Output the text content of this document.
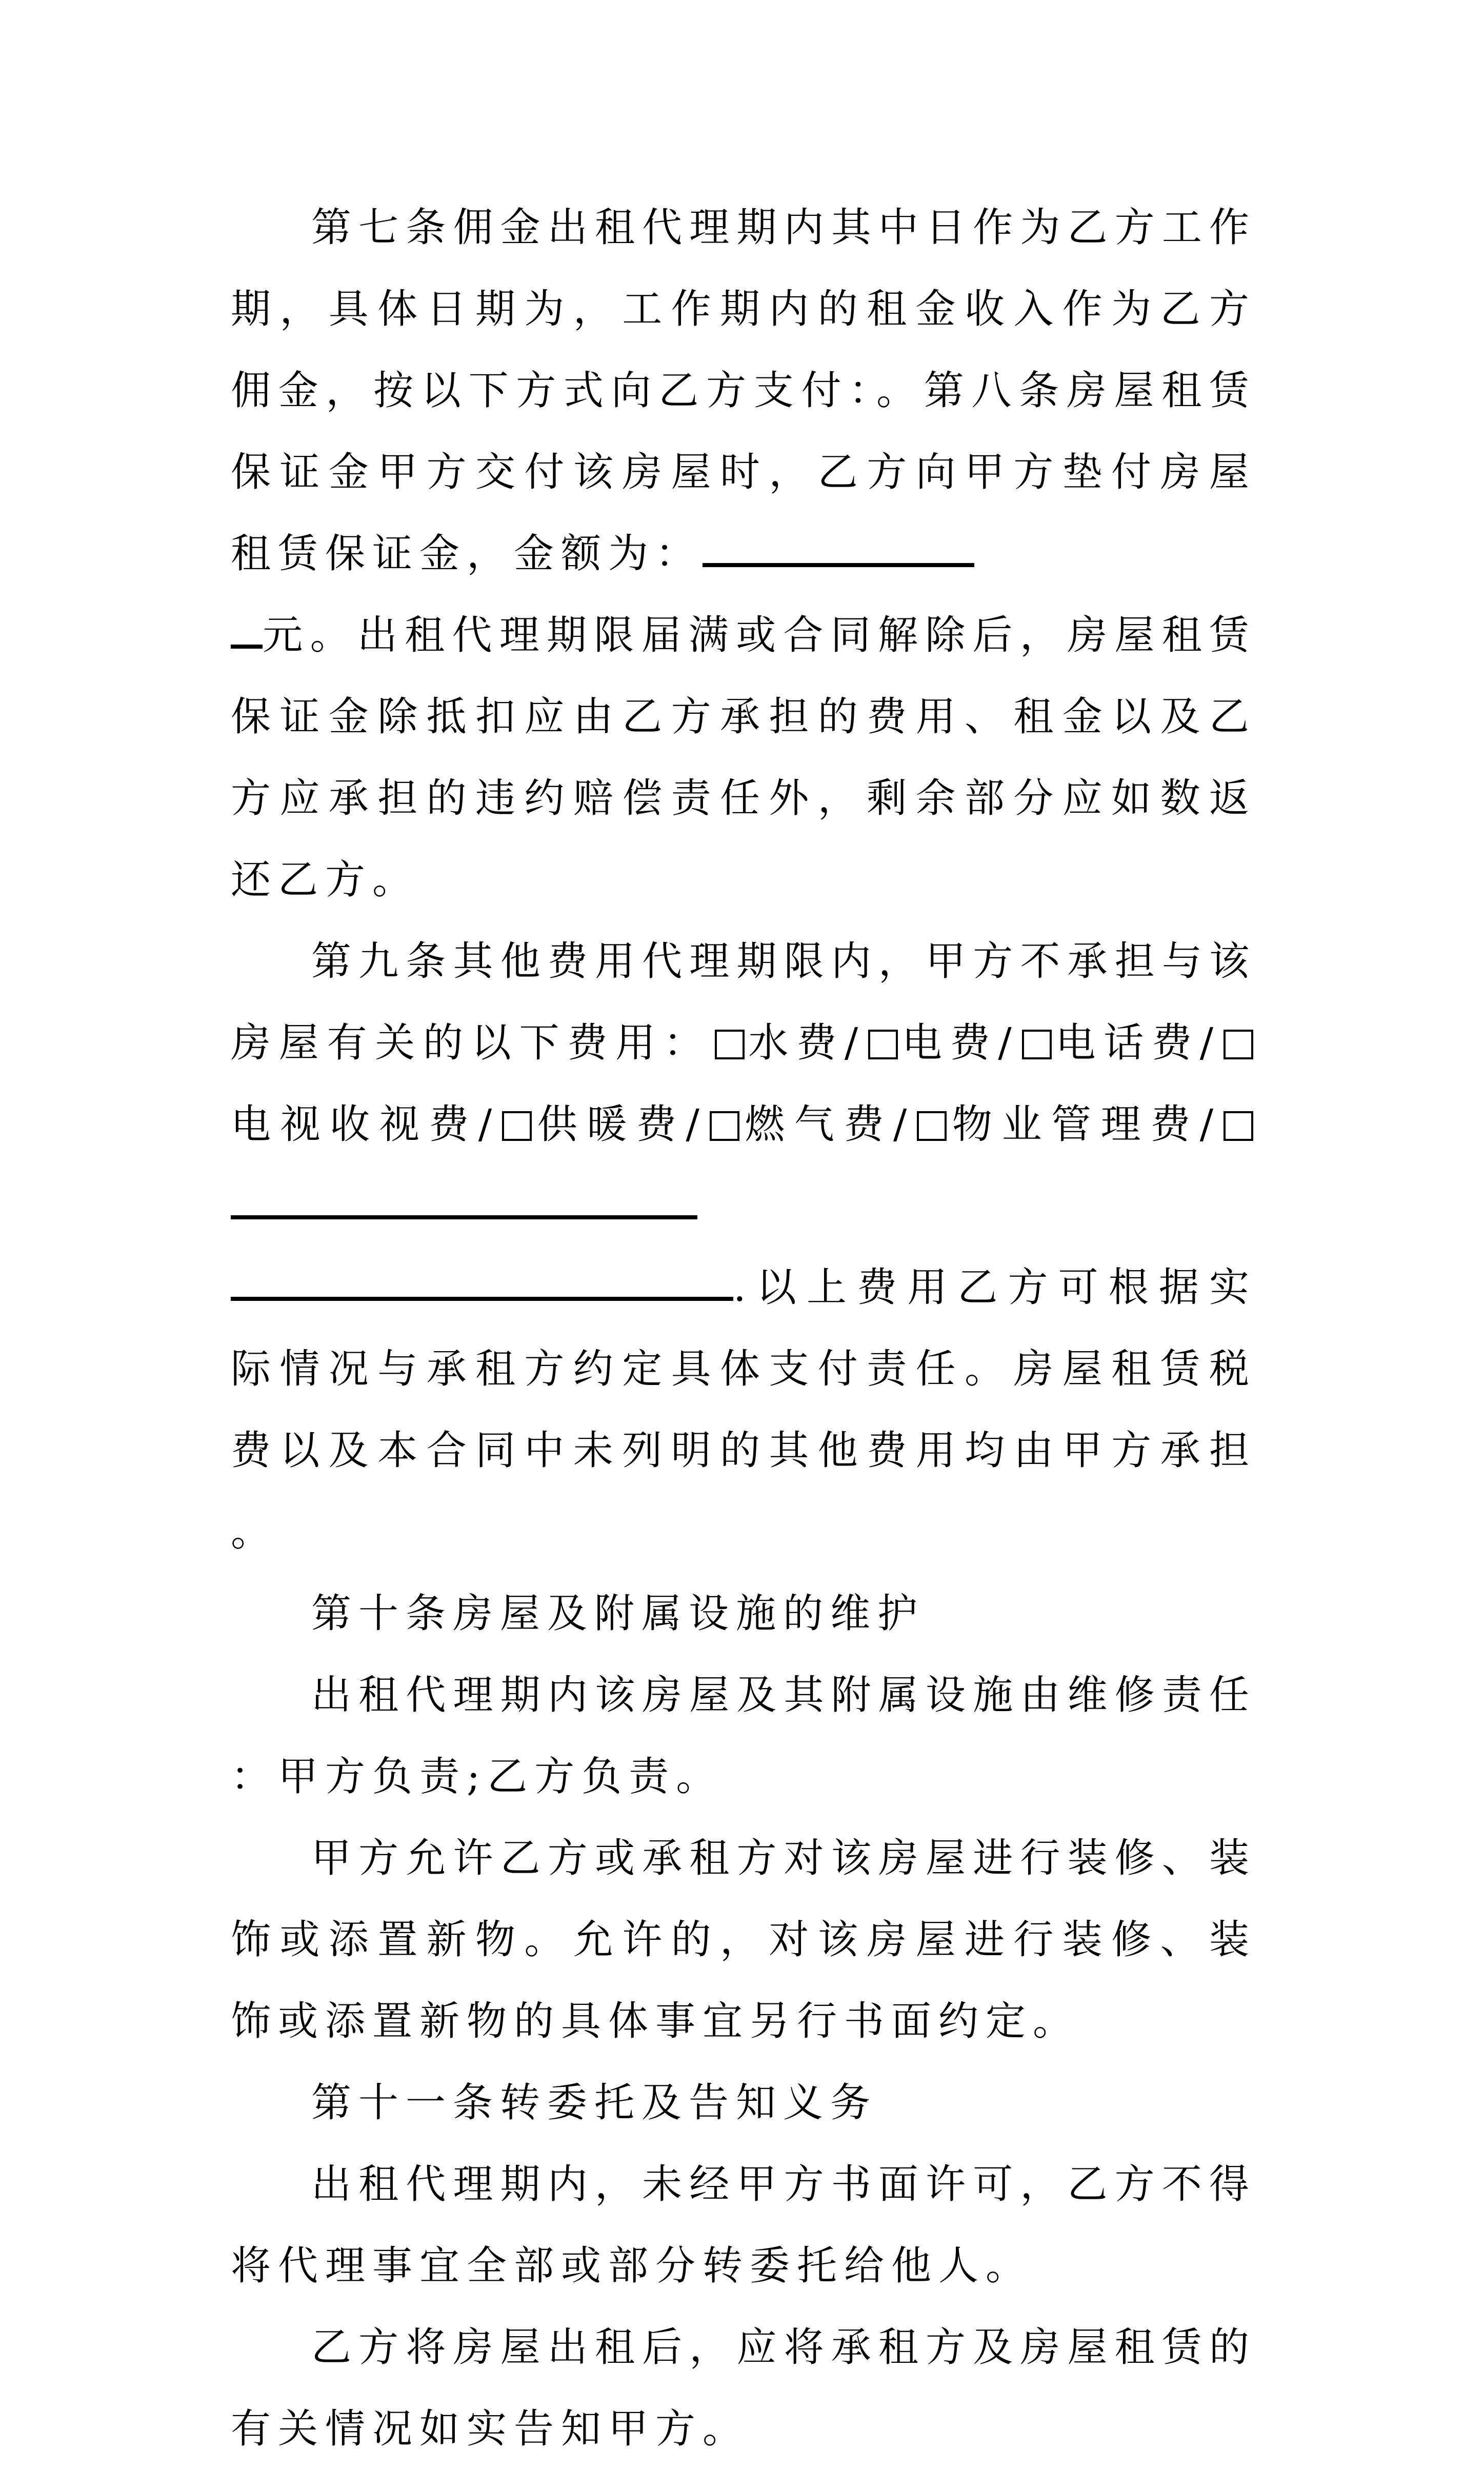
第七条佣金出租代理期内其中日作为乙方工作期，具体日期为，工作期内的租金收入作为乙方佣金，按以下方式向乙方支付：。第八条房屋租赁保证金甲方交付该房屋时，乙方向甲方垫付房屋租赁保证金，金额为：
元。出租代理期限届满或合同解除后，房屋租赁保证金除抵扣应由乙方承担的费用、租金以及乙方应承担的违约赔偿责任外，剩余部分应如数返还乙方。

第九条其他费用代理期限内，甲方不承担与该房屋有关的以下费用： 水费/ 电费/ 电话费/电视收视费/ 供暖费/ 燃气费/ 物业管理费/
.以上费用乙方可根据实际情况与承租方约定具体支付责任。房屋租赁税费以及本合同中未列明的其他费用均由甲方承担。

第十条房屋及附属设施的维护

出租代理期内该房屋及其附属设施由维修责任：甲方负责;乙方负责。

甲方允许乙方或承租方对该房屋进行装修、装饰或添置新物。允许的，对该房屋进行装修、装饰或添置新物的具体事宜另行书面约定。

第十一条转委托及告知义务

出租代理期内，未经甲方书面许可，乙方不得将代理事宜全部或部分转委托给他人。

乙方将房屋出租后，应将承租方及房屋租赁的有关情况如实告知甲方。
